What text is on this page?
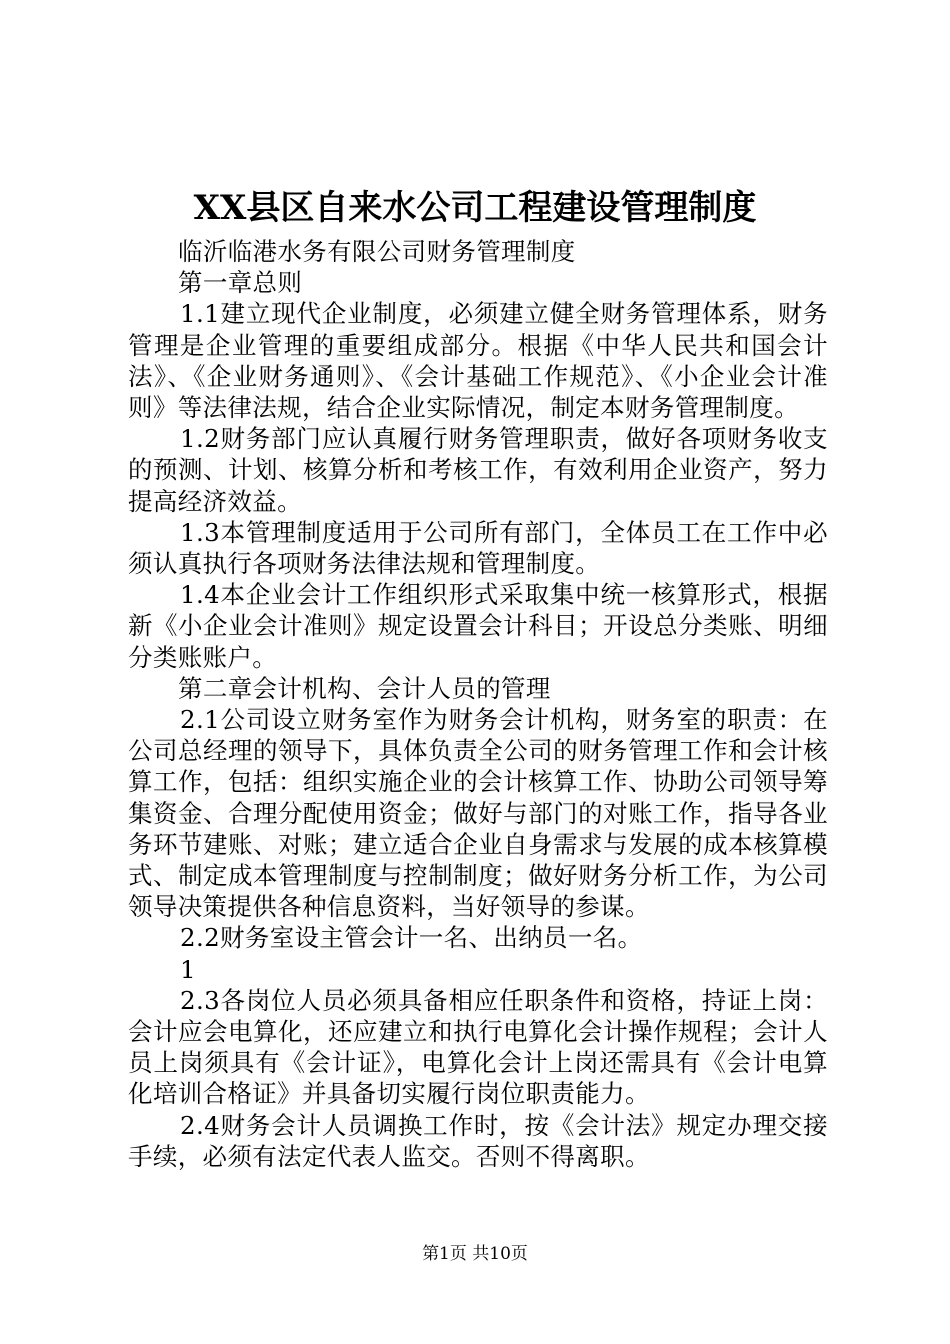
XX县区自来水公司工程建设管理制度

临沂临港水务有限公司财务管理制度

第一章总则

1.1建立现代企业制度，必须建立健全财务管理体系，财务管理是企业管理的重要组成部分。根据《中华人民共和国会计法》、《企业财务通则》、《会计基础工作规范》、《小企业会计准则》等法律法规，结合企业实际情况，制定本财务管理制度。

1.2财务部门应认真履行财务管理职责，做好各项财务收支的预测、计划、核算分析和考核工作，有效利用企业资产，努力提高经济效益。

1.3本管理制度适用于公司所有部门，全体员工在工作中必须认真执行各项财务法律法规和管理制度。

1.4本企业会计工作组织形式采取集中统一核算形式，根据新《小企业会计准则》规定设置会计科目；开设总分类账、明细分类账账户。

第二章会计机构、会计人员的管理

2.1公司设立财务室作为财务会计机构，财务室的职责：在公司总经理的领导下，具体负责全公司的财务管理工作和会计核算工作，包括：组织实施企业的会计核算工作、协助公司领导筹集资金、合理分配使用资金；做好与部门的对账工作，指导各业务环节建账、对账；建立适合企业自身需求与发展的成本核算模式、制定成本管理制度与控制制度；做好财务分析工作，为公司领导决策提供各种信息资料，当好领导的参谋。

2.2财务室设主管会计一名、出纳员一名。

1

2.3各岗位人员必须具备相应任职条件和资格，持证上岗：会计应会电算化，还应建立和执行电算化会计操作规程；会计人员上岗须具有《会计证》，电算化会计上岗还需具有《会计电算化培训合格证》并具备切实履行岗位职责能力。

2.4财务会计人员调换工作时，按《会计法》规定办理交接手续，必须有法定代表人监交。否则不得离职。

第1页 共10页
